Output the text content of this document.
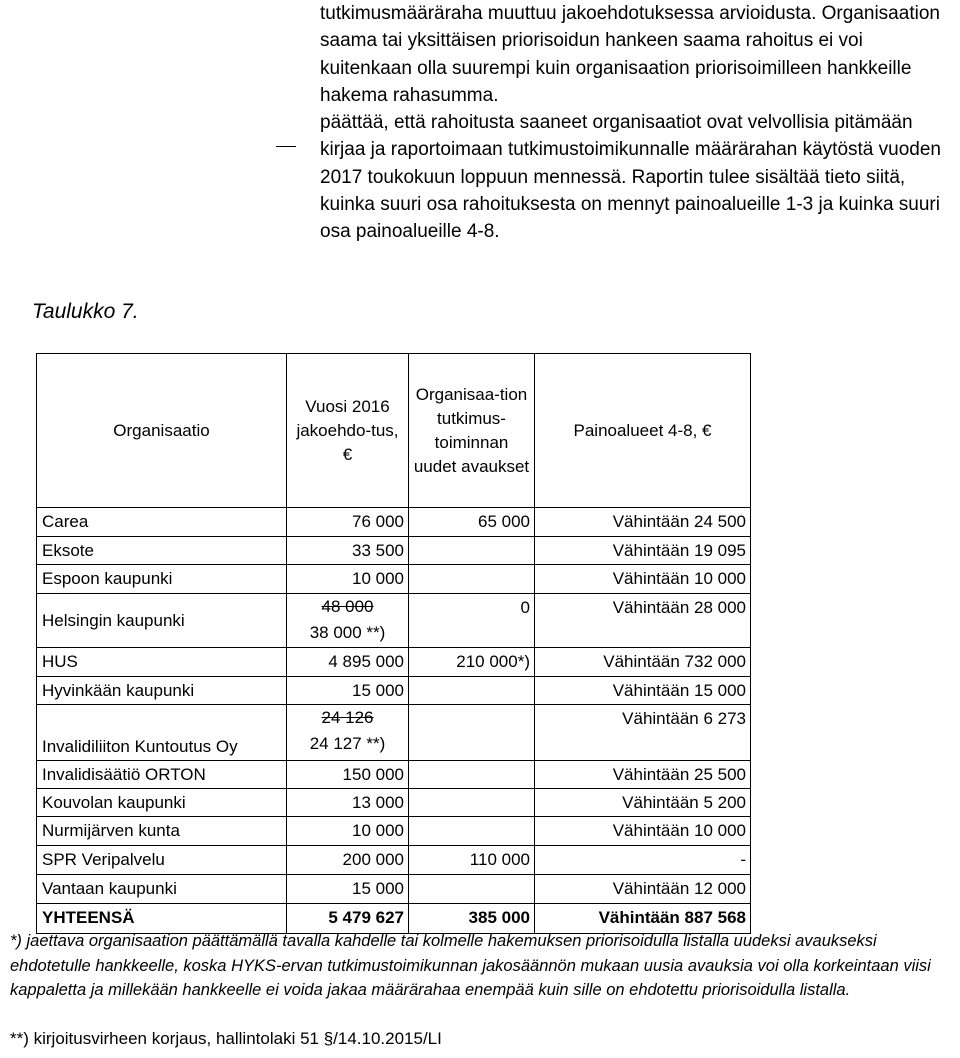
tutkimusmääräraha muuttuu jakoehdotuksessa arvioidusta. Organisaation saama tai yksittäisen priorisoidun hankeen saama rahoitus ei voi kuitenkaan olla suurempi kuin organisaation priorisoimilleen hankkeille hakema rahasumma.
päättää, että rahoitusta saaneet organisaatiot ovat velvollisia pitämään kirjaa ja raportoimaan tutkimustoimikunnalle määrärahan käytöstä vuoden 2017 toukokuun loppuun mennessä. Raportin tulee sisältää tieto siitä, kuinka suuri osa rahoituksesta on mennyt painoalueille 1-3 ja kuinka suuri osa painoalueille 4-8.
Taulukko 7.
Organisaatio	Vuosi 2016 jakoehdo-tus, €	Organisaa-tion tutkimus-toiminnan uudet avaukset	Painoalueet 4-8, €
Carea	76 000	65 000	Vähintään 24 500
Eksote	33 500		Vähintään 19 095
Espoon kaupunki	10 000		Vähintään 10 000
Helsingin kaupunki	48 000
38 000 **)	0	Vähintään 28 000
HUS	4 895 000	210 000*)	Vähintään 732 000
Hyvinkään kaupunki	15 000		Vähintään 15 000
Invalidiliiton Kuntoutus Oy	24 126
24 127 **)		Vähintään 6 273
Invalidisäätiö ORTON	150 000		Vähintään 25 500
Kouvolan kaupunki	13 000		Vähintään 5 200
Nurmijärven kunta	10 000		Vähintään 10 000
SPR Veripalvelu	200 000	110 000	-
Vantaan kaupunki	15 000		Vähintään 12 000
YHTEENSÄ	5 479 627	385 000	Vähintään 887 568
*) jaettava organisaation päättämällä tavalla kahdelle tai kolmelle hakemuksen priorisoidulla listalla uudeksi avaukseksi ehdotetulle hankkeelle, koska HYKS-ervan tutkimustoimikunnan jakosäännön mukaan uusia avauksia voi olla korkeintaan viisi kappaletta ja millekään hankkeelle ei voida jakaa määrärahaa enempää kuin sille on ehdotettu priorisoidulla listalla.
**) kirjoitusvirheen korjaus, hallintolaki 51 §/14.10.2015/LI
